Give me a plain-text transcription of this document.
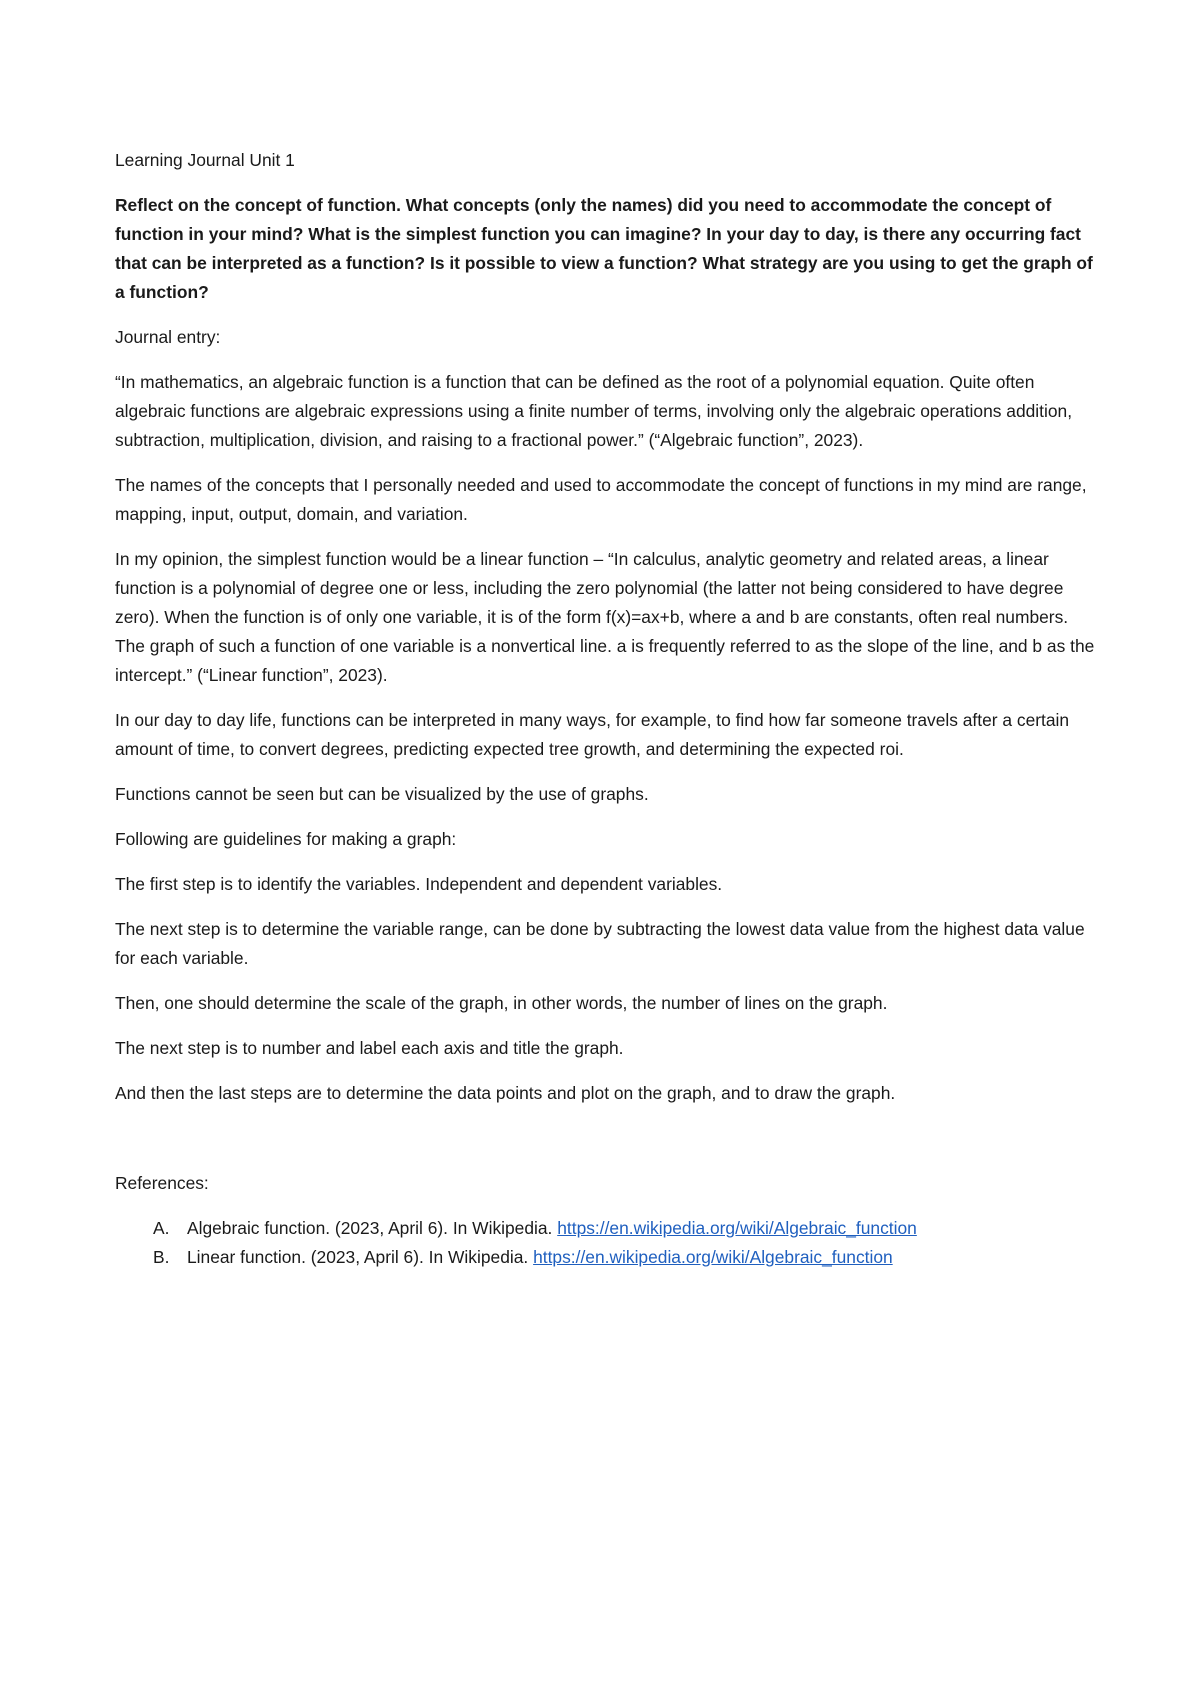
Learning Journal Unit 1

Reflect on the concept of function. What concepts (only the names) did you need to accommodate the concept of function in your mind? What is the simplest function you can imagine? In your day to day, is there any occurring fact that can be interpreted as a function? Is it possible to view a function? What strategy are you using to get the graph of a function?

Journal entry:

“In mathematics, an algebraic function is a function that can be defined as the root of a polynomial equation. Quite often algebraic functions are algebraic expressions using a finite number of terms, involving only the algebraic operations addition, subtraction, multiplication, division, and raising to a fractional power.” (“Algebraic function”, 2023).

The names of the concepts that I personally needed and used to accommodate the concept of functions in my mind are range, mapping, input, output, domain, and variation.

In my opinion, the simplest function would be a linear function – “In calculus, analytic geometry and related areas, a linear function is a polynomial of degree one or less, including the zero polynomial (the latter not being considered to have degree zero). When the function is of only one variable, it is of the form f(x)=ax+b, where a and b are constants, often real numbers. The graph of such a function of one variable is a nonvertical line. a is frequently referred to as the slope of the line, and b as the intercept.” (“Linear function”, 2023).

In our day to day life, functions can be interpreted in many ways, for example, to find how far someone travels after a certain amount of time, to convert degrees, predicting expected tree growth, and determining the expected roi.

Functions cannot be seen but can be visualized by the use of graphs.

Following are guidelines for making a graph:

The first step is to identify the variables. Independent and dependent variables.

The next step is to determine the variable range, can be done by subtracting the lowest data value from the highest data value for each variable.

Then, one should determine the scale of the graph, in other words, the number of lines on the graph.

The next step is to number and label each axis and title the graph.

And then the last steps are to determine the data points and plot on the graph, and to draw the graph.

References:

A. Algebraic function. (2023, April 6). In Wikipedia. https://en.wikipedia.org/wiki/Algebraic_function
B. Linear function. (2023, April 6). In Wikipedia. https://en.wikipedia.org/wiki/Algebraic_function
